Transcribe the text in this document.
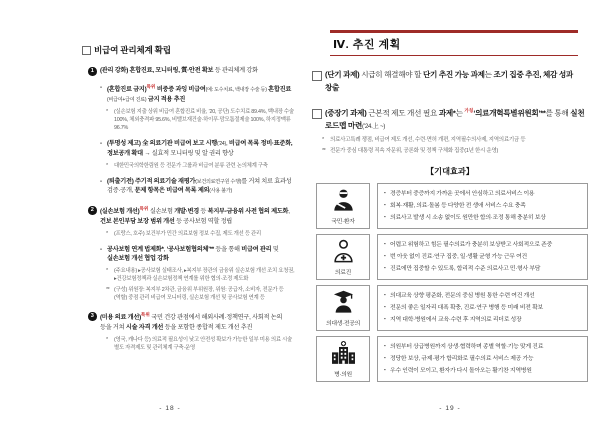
비급여 관리체계 확립

1 (관리 강화) 혼합진료, 모니터링, 質·안전 확보 등 관리체계 강화

- (혼합진료 금지)$^{특위}$ 비중증 과잉 비급여(예: 도수치료, 백내장 수술 등) 혼합진료(비급여+급여 진료) 금지 적용 추진

* (실손보험 지출 상위 비급여 혼합진료 비율, ’20, 공단) 도수치료 89.4%, 백내장 수술 100%, 체외충격파 95.6%, 비밸브재건술·하이푸·맘모톰절제술 100%, 하지정맥류 96.7%

- (투명성 제고) 全 의료기관 비급여 보고 시행(’24), 비급여 목록 정비·표준화, 정보공개 확대 → 실효적 모니터링 및 알 권리 향상

* 대한민국의학한림원 등 전문가 그룹과 비급여 분류 관련 논의체계 구축

- (퇴출기전) 주기적 의료기술 재평가(보건의료연구원 수행)를 거쳐 치료 효과성 검증·공개, 문제 항목은 비급여 목록 제외(사용 불가)

2 (실손보험 개선)$^{특위}$ 실손보험 개발·변경 등 복지부-금융위 사전 협의 제도화, 건보 본인부담 보장 범위 개선 등 공사보험 역할 정립

* (프랑스, 호주) 보건부가 민간 의료보험 정보 수집, 제도 개선 등 관리

- 공사보험 연계 법제화*, ‘공사보험협의체’** 등을 통해 비급여 관리 및 실손보험 개선 협업 강화

* (주요내용) ▸공사보험 실태조사, ▸복지부 장관의 금융위 실손보험 개선 조치 요청권, ▸건강보험정책과 실손보험정책 연계를 위한 협의·조정 제도화

** (구성) 위원장: 복지부 2차관, 금융위 부위원장, 위원: 공급자, 소비자, 전문가 등 (역할) 중점 관리 비급여 모니터링, 실손보험 개선 및 공사보험 연계 등

3 (미용 의료 개선)$^{특위}$ 국민 건강 관점에서 해외사례·정책연구, 사회적 논의 등을 거쳐 시술 자격 개선 등을 포함한 종합적 제도 개선 추진

* (영국, 캐나다 등) 의료적 필요성이 낮고 안전성 확보가 가능한 일부 미용 의료 시술 별도 자격제도 및 관리체계 구축·운영

- 18 -
Ⅳ. 추진 계획

(단기 과제) 시급히 해결해야 할 단기 추진 가능 과제는 조기 집중 추진, 체감 성과 창출

(중장기 과제) 근본적 제도 개선 필요 과제*는 $^{가칭}$‘의료개혁특별위원회’**를 통해 실천 로드맵 마련(’24.上 ~)

* 의료사고특례 쟁점, 비급여 제도 개선, 수련·면허 개편, 지역필수의사제, 지역의료기금 등

** 전문가 중심 대통령 직속 자문위, 공론화 및 정책 구체화 집중(1년 한시 운영)

【기대효과】
국민·환자

▪ 경증부터 중증까지 가까운 곳에서 안심하고 의료서비스 이용

▪ 회복·재활, 의료·돌봄 등 다양한 전 생애 서비스 수요 충족

▪ 의료사고 발생 시 소송 없이도 원만한 합의·조정 통해 충분히 보상

의료진

▪ 어렵고 위험하고 힘든 필수의료가 충분히 보상받고 사회적으로 존중

▪ 번 아웃 없이 진료·연구 집중, 일·생활 균형 가능 근무 여건

▪ 진료에만 집중할 수 있도록, 합리적 수준 의료사고 민·형사 부담

의대생·전공의

▪ 의대교육 상향 평준화, 전문의 중심 병원 통한 수련 여건 개선

▪ 전문의 좋은 일자리 대폭 확충, 진료·연구 병행 등 미래 비전 확보

▪ 지역 대학·병원에서 교육·수련 후 지역의료 리더로 성장

병·의원

▪ 의원부터 상급병원까지 상생·협력하며 종별 역할·기능 맞게 진료

▪ 정당한 보상, 규제·평가 합리화로 필수의료 서비스 제공 가능

▪ 우수 인력이 모이고, 환자가 다시 돌아오는 활기찬 지역병원

- 19 -
